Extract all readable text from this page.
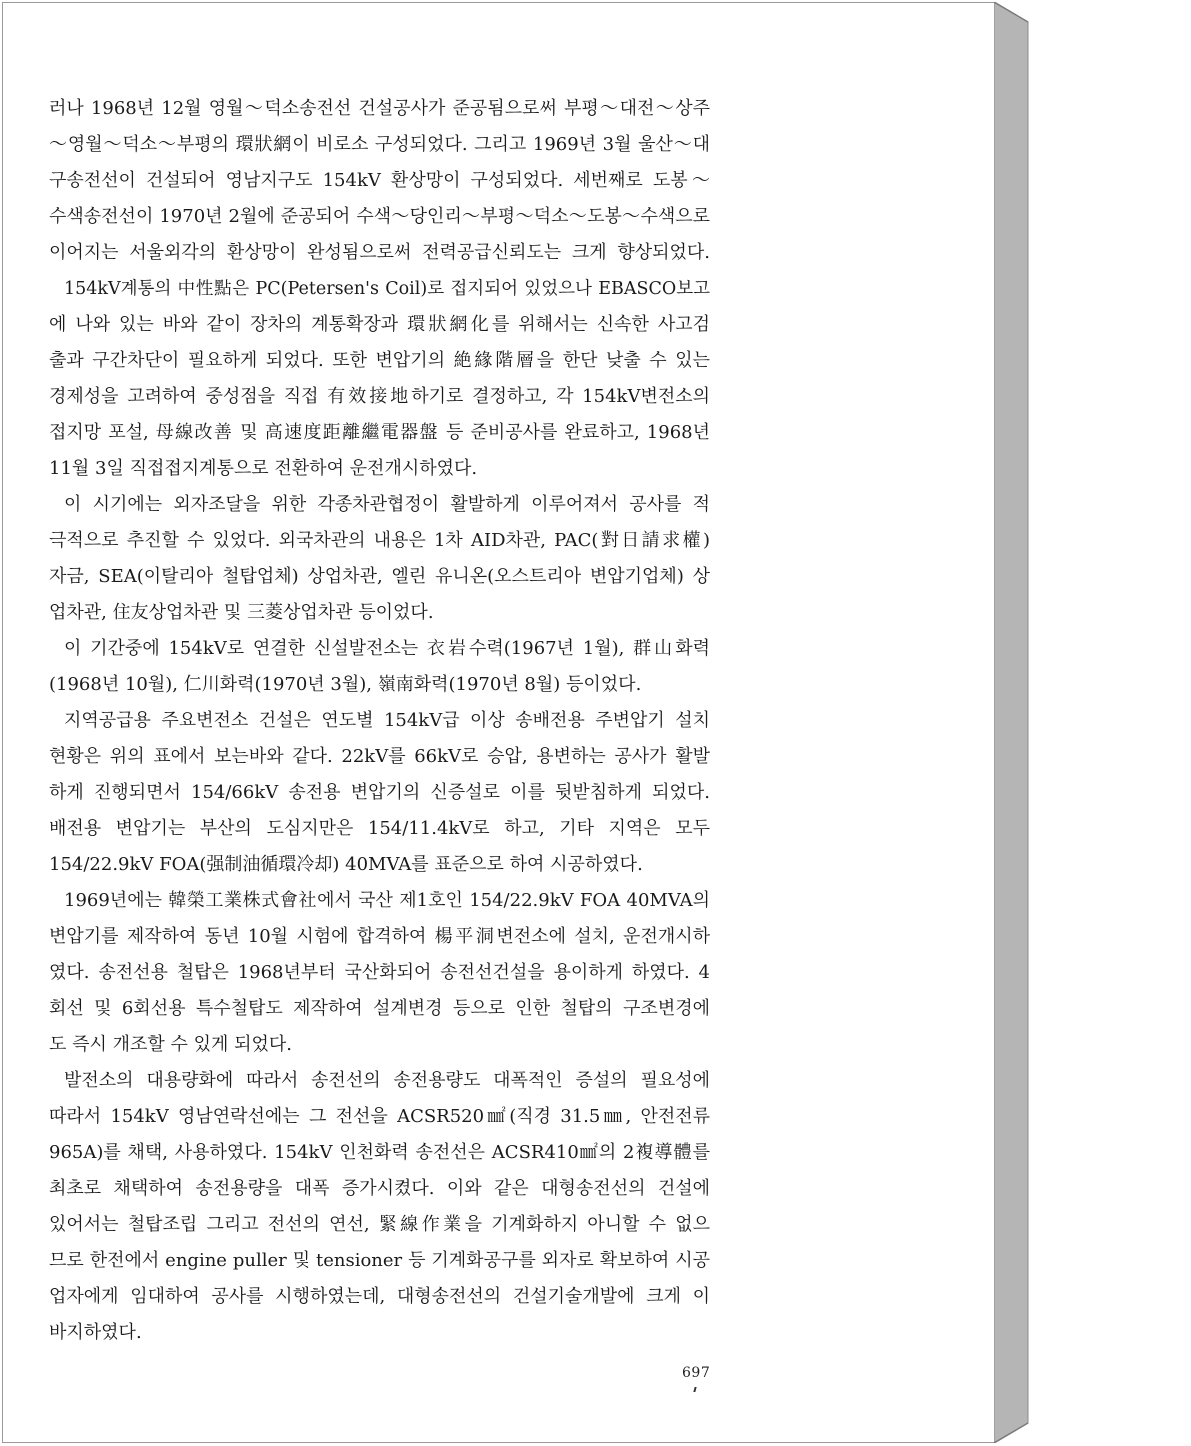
러나 1968년 12월 영월～덕소송전선 건설공사가 준공됨으로써 부평～대전～상주
～영월～덕소～부평의 環狀網이 비로소 구성되었다. 그리고 1969년 3월 울산～대
구송전선이 건설되어 영남지구도 154kV 환상망이 구성되었다. 세번째로 도봉～
수색송전선이 1970년 2월에 준공되어 수색～당인리～부평～덕소～도봉～수색으로
이어지는 서울외각의 환상망이 완성됨으로써 전력공급신뢰도는 크게 향상되었다.
154kV계통의 中性點은 PC(Petersen's Coil)로 접지되어 있었으나 EBASCO보고
에 나와 있는 바와 같이 장차의 계통확장과 環狀網化를 위해서는 신속한 사고검
출과 구간차단이 필요하게 되었다. 또한 변압기의 絶緣階層을 한단 낮출 수 있는
경제성을 고려하여 중성점을 직접 有效接地하기로 결정하고, 각 154kV변전소의
접지망 포설, 母線改善 및 高速度距離繼電器盤 등 준비공사를 완료하고, 1968년
11월 3일 직접접지계통으로 전환하여 운전개시하였다.
이 시기에는 외자조달을 위한 각종차관협정이 활발하게 이루어져서 공사를 적
극적으로 추진할 수 있었다. 외국차관의 내용은 1차 AID차관, PAC(對日請求權)
자금, SEA(이탈리아 철탑업체) 상업차관, 엘린 유니온(오스트리아 변압기업체) 상
업차관, 住友상업차관 및 三菱상업차관 등이었다.
이 기간중에 154kV로 연결한 신설발전소는 衣岩수력(1967년 1월), 群山화력
(1968년 10월), 仁川화력(1970년 3월), 嶺南화력(1970년 8월) 등이었다.
지역공급용 주요변전소 건설은 연도별 154kV급 이상 송배전용 주변압기 설치
현황은 위의 표에서 보는바와 같다. 22kV를 66kV로 승압, 용변하는 공사가 활발
하게 진행되면서 154/66kV 송전용 변압기의 신증설로 이를 뒷받침하게 되었다.
배전용 변압기는 부산의 도심지만은 154/11.4kV로 하고, 기타 지역은 모두
154/22.9kV FOA(强制油循環冷却) 40MVA를 표준으로 하여 시공하였다.
1969년에는 韓榮工業株式會社에서 국산 제1호인 154/22.9kV FOA 40MVA의
변압기를 제작하여 동년 10월 시험에 합격하여 楊平洞변전소에 설치, 운전개시하
였다. 송전선용 철탑은 1968년부터 국산화되어 송전선건설을 용이하게 하였다. 4
회선 및 6회선용 특수철탑도 제작하여 설계변경 등으로 인한 철탑의 구조변경에
도 즉시 개조할 수 있게 되었다.
발전소의 대용량화에 따라서 송전선의 송전용량도 대폭적인 증설의 필요성에
따라서 154kV 영남연락선에는 그 전선을 ACSR520㎟(직경 31.5㎜, 안전전류
965A)를 채택, 사용하였다. 154kV 인천화력 송전선은 ACSR410㎟의 2複導體를
최초로 채택하여 송전용량을 대폭 증가시켰다. 이와 같은 대형송전선의 건설에
있어서는 철탑조립 그리고 전선의 연선, 緊線作業을 기계화하지 아니할 수 없으
므로 한전에서 engine puller 및 tensioner 등 기계화공구를 외자로 확보하여 시공
업자에게 임대하여 공사를 시행하였는데, 대형송전선의 건설기술개발에 크게 이
바지하였다.
697
